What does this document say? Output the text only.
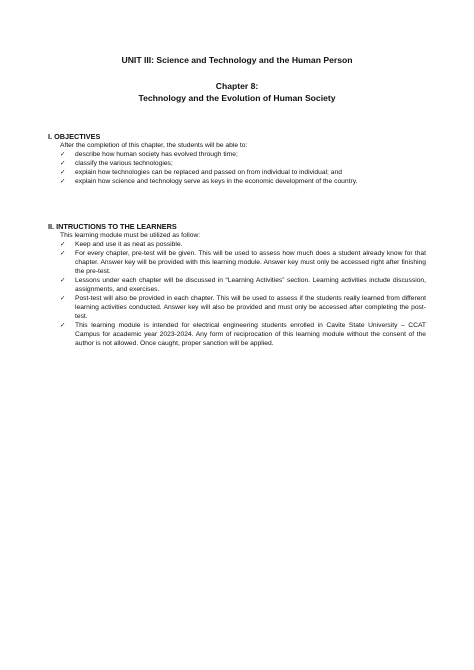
UNIT III: Science and Technology and the Human Person
Chapter 8:
Technology and the Evolution of Human Society
I. OBJECTIVES
After the completion of this chapter, the students will be able to:
✓	describe how human society has evolved through time;
✓	classify the various technologies;
✓	explain how technologies can be replaced and passed on from individual to individual; and
✓	explain how science and technology serve as keys in the economic development of the country.
II. INTRUCTIONS TO THE LEARNERS
This learning module must be utilized as follow:
✓	Keep and use it as neat as possible.
✓	For every chapter, pre-test will be given. This will be used to assess how much does a student already know for that chapter. Answer key will be provided with this learning module. Answer key must only be accessed right after finishing the pre-test.
✓	Lessons under each chapter will be discussed in “Learning Activities” section. Learning activities include discussion, assignments, and exercises.
✓	Post-test will also be provided in each chapter. This will be used to assess if the students really learned from different learning activities conducted. Answer key will also be provided and must only be accessed after completing the post-test.
✓	This learning module is intended for electrical engineering students enrolled in Cavite State University – CCAT Campus for academic year 2023-2024. Any form of reciprocation of this learning module without the consent of the author is not allowed. Once caught, proper sanction will be applied.
